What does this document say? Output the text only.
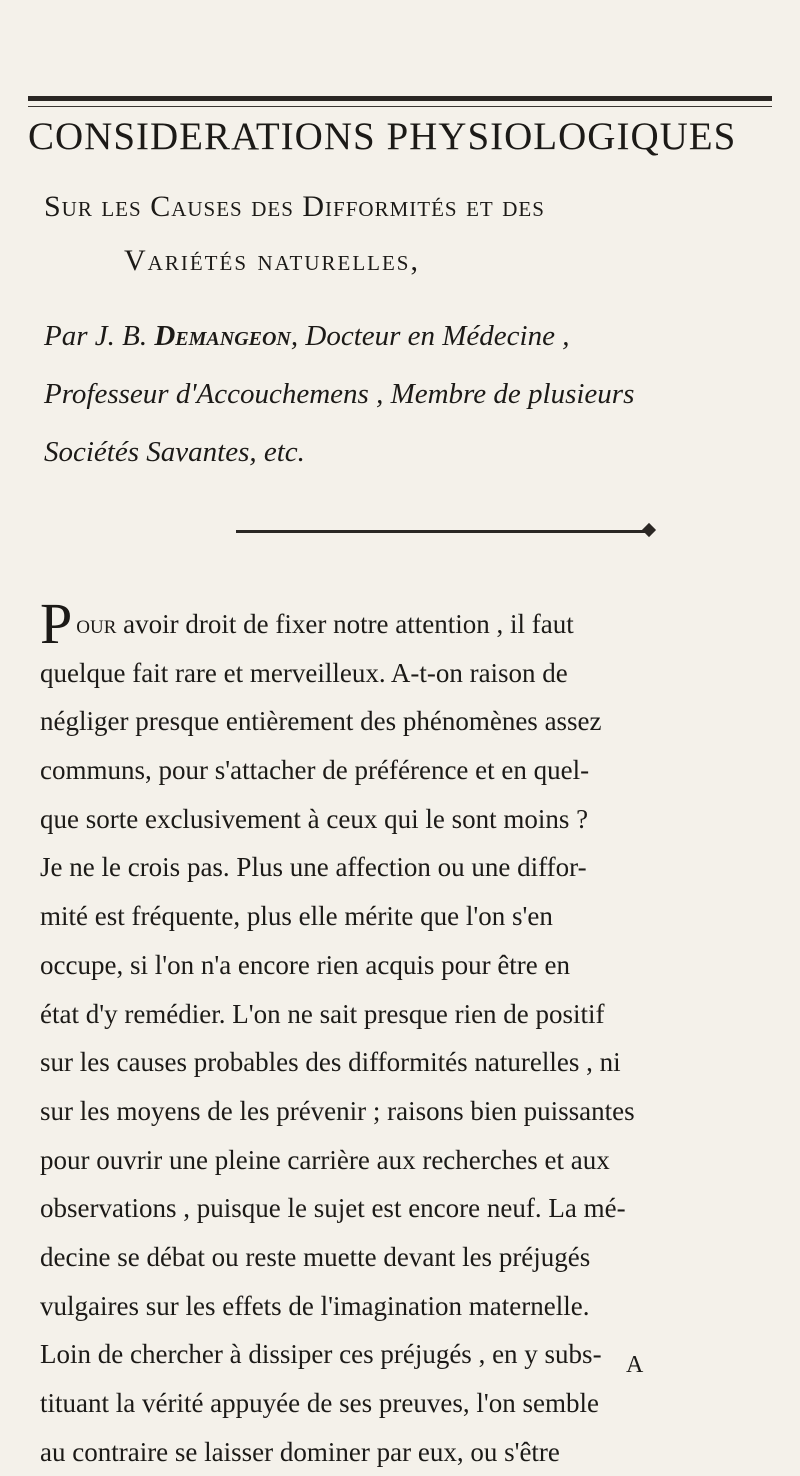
CONSIDERATIONS PHYSIOLOGIQUES
Sur les Causes des Difformités et des
Variétés naturelles,
Par J. B. Demangeon, Docteur en Médecine ,
Professeur d'Accouchemens , Membre de plusieurs
Sociétés Savantes, etc.
Pour avoir droit de fixer notre attention , il faut
quelque fait rare et merveilleux. A-t-on raison de
négliger presque entièrement des phénomènes assez
communs, pour s'attacher de préférence et en quel-
que sorte exclusivement à ceux qui le sont moins ?
Je ne le crois pas. Plus une affection ou une diffor-
mité est fréquente, plus elle mérite que l'on s'en
occupe, si l'on n'a encore rien acquis pour être en
état d'y remédier. L'on ne sait presque rien de positif
sur les causes probables des difformités naturelles , ni
sur les moyens de les prévenir ; raisons bien puissantes
pour ouvrir une pleine carrière aux recherches et aux
observations , puisque le sujet est encore neuf. La mé-
decine se débat ou reste muette devant les préjugés
vulgaires sur les effets de l'imagination maternelle.
Loin de chercher à dissiper ces préjugés , en y subs-
tituant la vérité appuyée de ses preuves, l'on semble
au contraire se laisser dominer par eux, ou s'être
A
